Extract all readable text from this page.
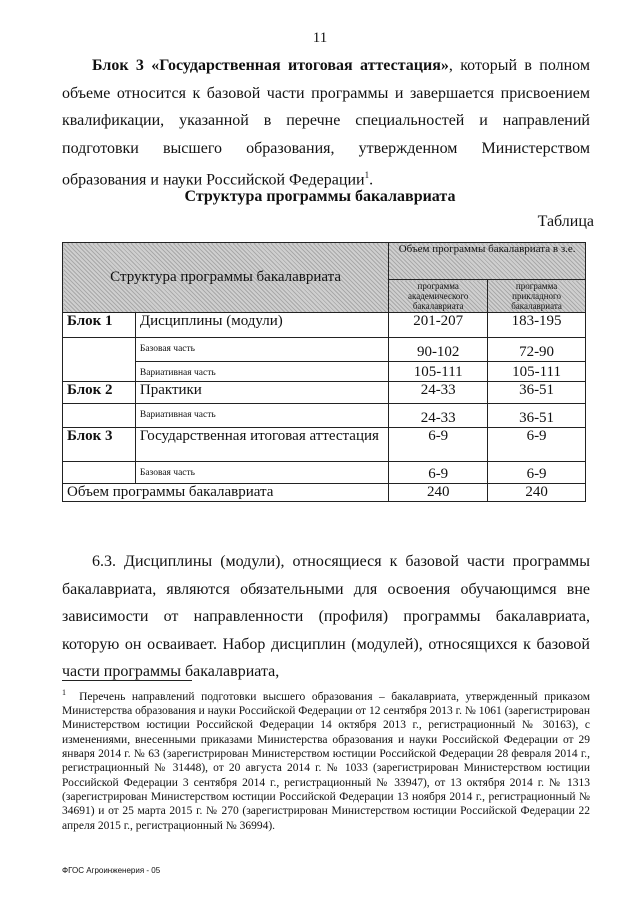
11
Блок 3 «Государственная итоговая аттестация», который в полном объеме относится к базовой части программы и завершается присвоением квалификации, указанной в перечне специальностей и направлений подготовки высшего образования, утвержденном Министерством образования и науки Российской Федерации$^1$.
Структура программы бакалавриата
Таблица
Структура программы бакалавриата		Объем программы бакалавриата в з.е.	
		программа академического бакалавриата	программа прикладного бакалавриата
Блок 1	Дисциплины (модули)	201-207	183-195
	Базовая часть	90-102	72-90
	Вариативная часть	105-111	105-111
Блок 2	Практики	24-33	36-51
	Вариативная часть	24-33	36-51
Блок 3	Государственная итоговая аттестация	6-9	6-9
	Базовая часть	6-9	6-9
Объем программы бакалавриата		240	240
6.3. Дисциплины (модули), относящиеся к базовой части программы бакалавриата, являются обязательными для освоения обучающимся вне зависимости от направленности (профиля) программы бакалавриата, которую он осваивает. Набор дисциплин (модулей), относящихся к базовой части программы бакалавриата,
$^1$ Перечень направлений подготовки высшего образования – бакалавриата, утвержденный приказом Министерства образования и науки Российской Федерации от 12 сентября 2013 г. № 1061 (зарегистрирован Министерством юстиции Российской Федерации 14 октября 2013 г., регистрационный № 30163), с изменениями, внесенными приказами Министерства образования и науки Российской Федерации от 29 января 2014 г. № 63 (зарегистрирован Министерством юстиции Российской Федерации 28 февраля 2014 г., регистрационный № 31448), от 20 августа 2014 г. № 1033 (зарегистрирован Министерством юстиции Российской Федерации 3 сентября 2014 г., регистрационный № 33947), от 13 октября 2014 г. № 1313 (зарегистрирован Министерством юстиции Российской Федерации 13 ноября 2014 г., регистрационный № 34691) и от 25 марта 2015 г. № 270 (зарегистрирован Министерством юстиции Российской Федерации 22 апреля 2015 г., регистрационный № 36994).
ФГОС Агроинженерия - 05
